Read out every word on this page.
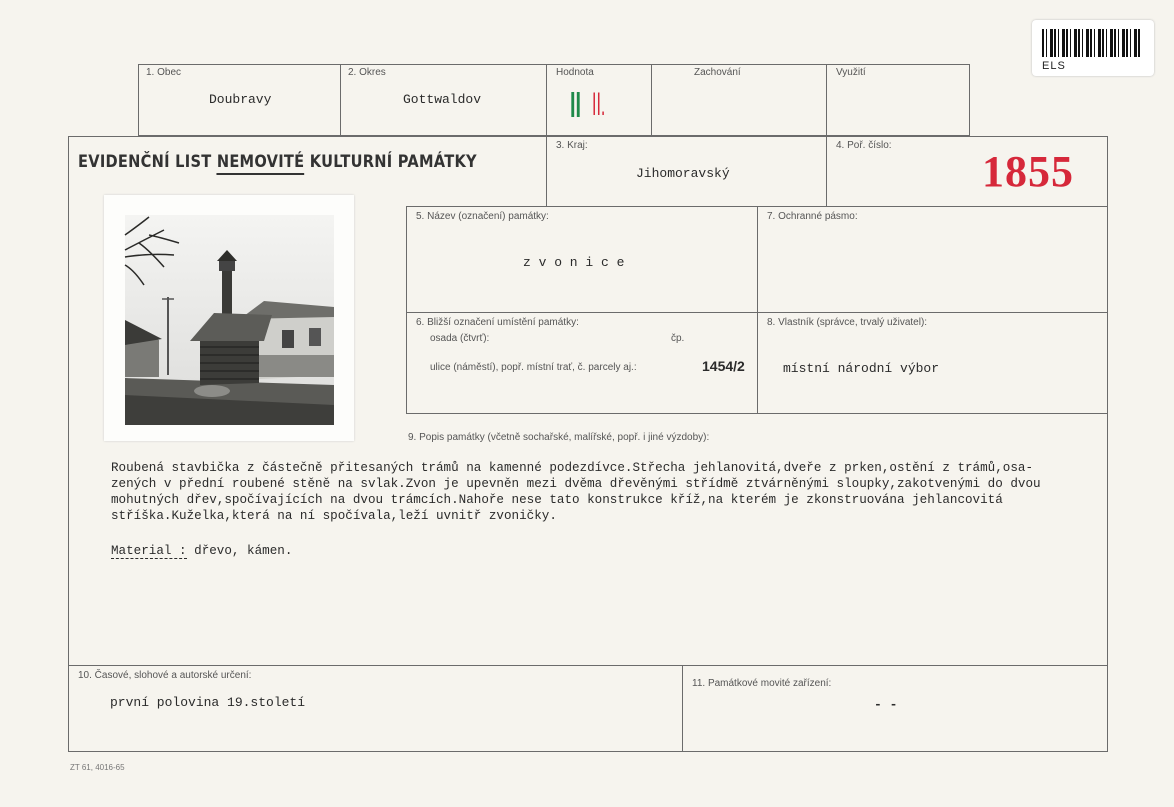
ELS
1. Obec
Doubravy
2. Okres
Gottwaldov
Hodnota
II II.
Zachování	Využití
EVIDENČNÍ LIST NEMOVITÉ KULTURNÍ PAMÁTKY
3. Kraj:
Jihomoravský
4. Poř. číslo:
1855
5. Název (označení) památky:
z v o n i c e
7. Ochranné pásmo:
6. Bližší označení umístění památky:
osada (čtvrť):	čp.
ulice (náměstí), popř. místní trať, č. parcely aj.:	1454/2
8. Vlastník (správce, trvalý uživatel):
místní národní výbor
9. Popis památky (včetně sochařské, malířské, popř. i jiné výzdoby):
Roubená stavbička z částečně přitesaných trámů na kamenné podezdívce.Střecha jehlanovitá,dveře z prken,ostění z trámů,osa-
zených v přední roubené stěně na svlak.Zvon je upevněn mezi dvěma dřevěnými střídmě ztvárněnými sloupky,zakotvenými do dvou
mohutných dřev,spočívajících na dvou trámcích.Nahoře nese tato konstrukce kříž,na kterém je zkonstruována jehlancovitá
stříška.Kuželka,která na ní spočívala,leží uvnitř zvoničky.
Material : dřevo, kámen.
10. Časové, slohové a autorské určení:
první polovina 19.století
11. Památkové movité zařízení:
- -
ZT 61, 4016-65
